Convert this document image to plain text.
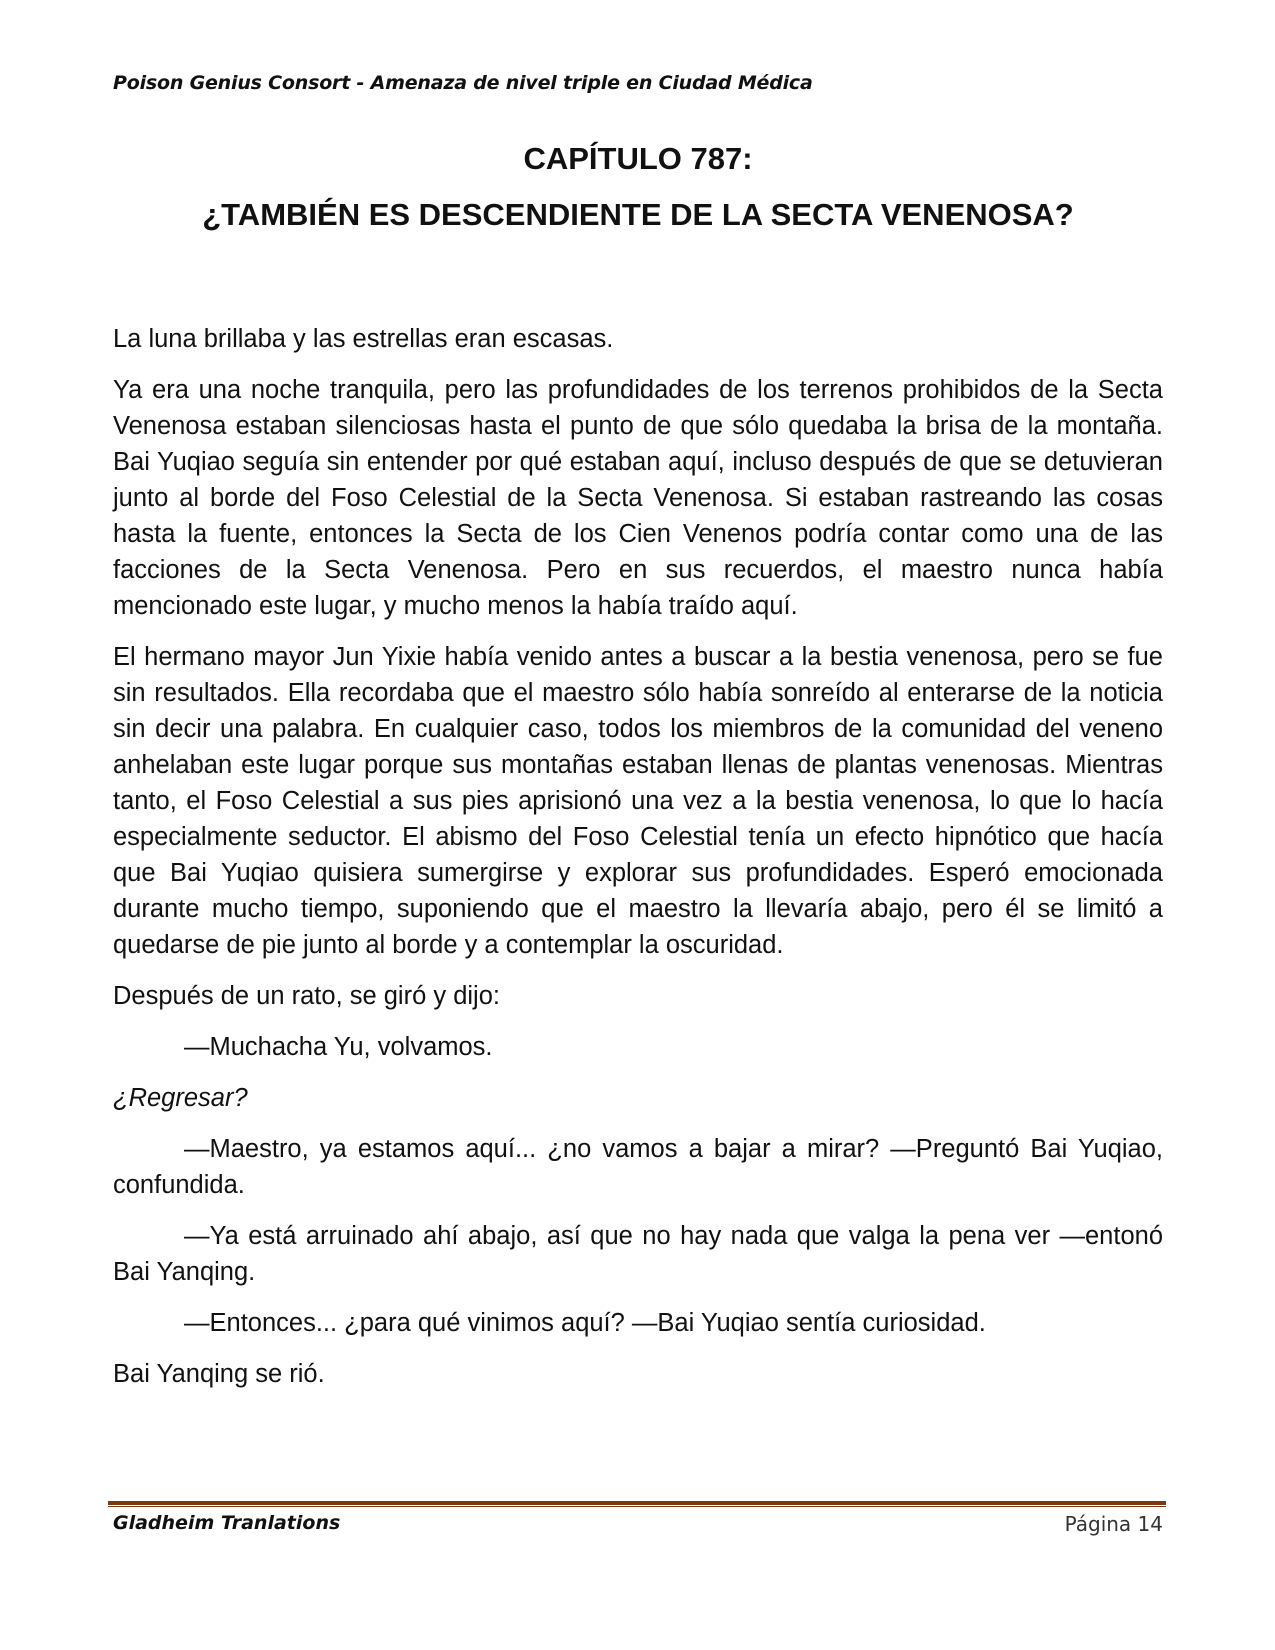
Poison Genius Consort - Amenaza de nivel triple en Ciudad Médica
CAPÍTULO 787:
¿TAMBIÉN ES DESCENDIENTE DE LA SECTA VENENOSA?

La luna brillaba y las estrellas eran escasas.

Ya era una noche tranquila, pero las profundidades de los terrenos prohibidos de la Secta Venenosa estaban silenciosas hasta el punto de que sólo quedaba la brisa de la montaña. Bai Yuqiao seguía sin entender por qué estaban aquí, incluso después de que se detuvieran junto al borde del Foso Celestial de la Secta Venenosa. Si estaban rastreando las cosas hasta la fuente, entonces la Secta de los Cien Venenos podría contar como una de las facciones de la Secta Venenosa. Pero en sus recuerdos, el maestro nunca había mencionado este lugar, y mucho menos la había traído aquí.

El hermano mayor Jun Yixie había venido antes a buscar a la bestia venenosa, pero se fue sin resultados. Ella recordaba que el maestro sólo había sonreído al enterarse de la noticia sin decir una palabra. En cualquier caso, todos los miembros de la comunidad del veneno anhelaban este lugar porque sus montañas estaban llenas de plantas venenosas. Mientras tanto, el Foso Celestial a sus pies aprisionó una vez a la bestia venenosa, lo que lo hacía especialmente seductor. El abismo del Foso Celestial tenía un efecto hipnótico que hacía que Bai Yuqiao quisiera sumergirse y explorar sus profundidades. Esperó emocionada durante mucho tiempo, suponiendo que el maestro la llevaría abajo, pero él se limitó a quedarse de pie junto al borde y a contemplar la oscuridad.

Después de un rato, se giró y dijo:

—Muchacha Yu, volvamos.

¿Regresar?

—Maestro, ya estamos aquí... ¿no vamos a bajar a mirar? —Preguntó Bai Yuqiao, confundida.

—Ya está arruinado ahí abajo, así que no hay nada que valga la pena ver —entonó Bai Yanqing.

—Entonces... ¿para qué vinimos aquí? —Bai Yuqiao sentía curiosidad.

Bai Yanqing se rió.

Gladheim Tranlations	Página 14
